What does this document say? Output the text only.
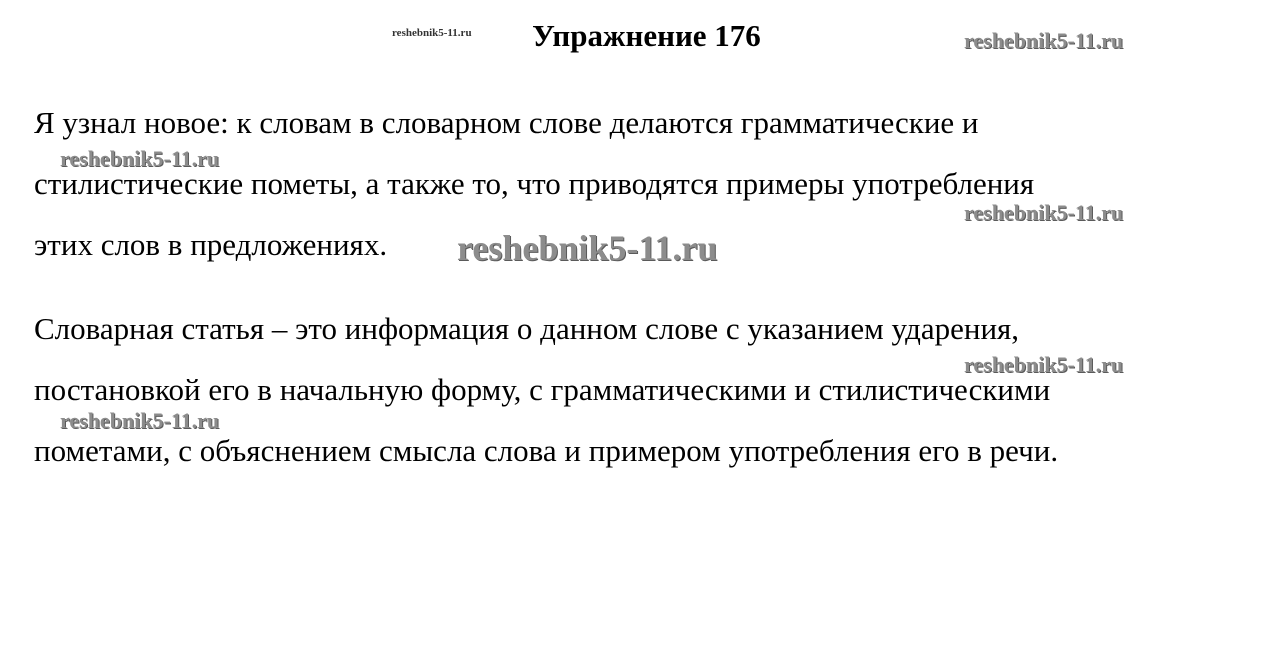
Упражнение 176
Я узнал новое: к словам в словарном слове делаются грамматические и
стилистические пометы, а также то, что приводятся примеры употребления
этих слов в предложениях.
Словарная статья – это информация о данном слове с указанием ударения,
постановкой его в начальную форму, с грамматическими и стилистическими
пометами, с объяснением смысла слова и примером употребления его в речи.
reshebnik5-11.ru	reshebnik5-11.ru
reshebnik5-11.ru
reshebnik5-11.ru
reshebnik5-11.ru
reshebnik5-11.ru
reshebnik5-11.ru
